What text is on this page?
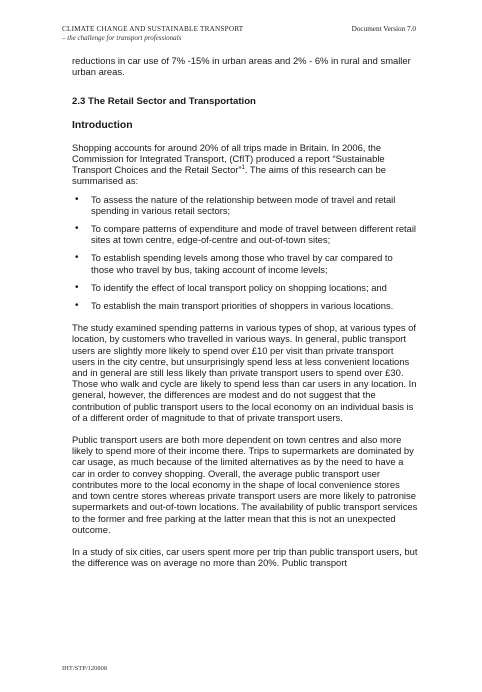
CLIMATE CHANGE AND SUSTAINABLE TRANSPORT
– the challenge for transport professionals
Document Version 7.0

reductions in car use of 7% -15% in urban areas and 2% - 6% in rural and smaller urban areas.

2.3 The Retail Sector and Transportation

Introduction

Shopping accounts for around 20% of all trips made in Britain. In 2006, the Commission for Integrated Transport, (CfIT) produced a report “Sustainable Transport Choices and the Retail Sector”$^1$. The aims of this research can be summarised as:

• To assess the nature of the relationship between mode of travel and retail spending in various retail sectors;
• To compare patterns of expenditure and mode of travel between different retail sites at town centre, edge-of-centre and out-of-town sites;
• To establish spending levels among those who travel by car compared to those who travel by bus, taking account of income levels;
• To identify the effect of local transport policy on shopping locations; and
• To establish the main transport priorities of shoppers in various locations.

The study examined spending patterns in various types of shop, at various types of location, by customers who travelled in various ways. In general, public transport users are slightly more likely to spend over £10 per visit than private transport users in the city centre, but unsurprisingly spend less at less convenient locations and in general are still less likely than private transport users to spend over £30. Those who walk and cycle are likely to spend less than car users in any location. In general, however, the differences are modest and do not suggest that the contribution of public transport users to the local economy on an individual basis is of a different order of magnitude to that of private transport users.

Public transport users are both more dependent on town centres and also more likely to spend more of their income there. Trips to supermarkets are dominated by car usage, as much because of the limited alternatives as by the need to have a car in order to convey shopping. Overall, the average public transport user contributes more to the local economy in the shape of local convenience stores and town centre stores whereas private transport users are more likely to patronise supermarkets and out-of-town locations. The availability of public transport services to the former and free parking at the latter mean that this is not an unexpected outcome.

In a study of six cities, car users spent more per trip than public transport users, but the difference was on average no more than 20%. Public transport

IHT/STP/120808
